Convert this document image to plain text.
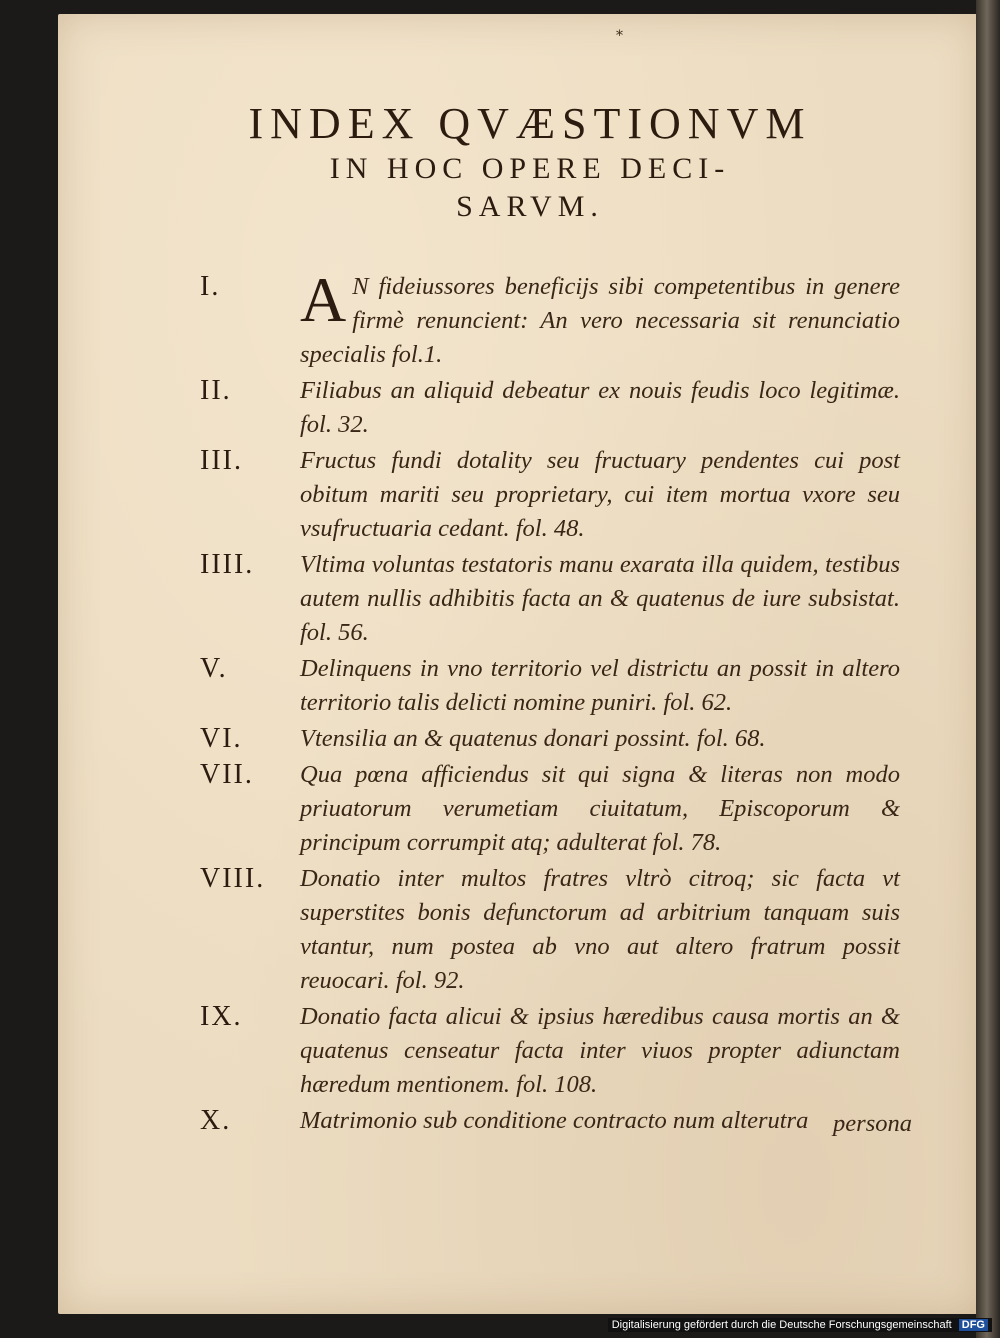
*
INDEX QVÆSTIONVM
IN HOC OPERE DECI-
SARVM.
I.	A N fideiussores beneficijs sibi competentibus in genere firmè renuncient: An vero necessaria sit renunciatio specialis fol.1.
II.	Filiabus an aliquid debeatur ex nouis feudis loco legitimæ. fol. 32.
III.	Fructus fundi dotality seu fructuary pendentes cui post obitum mariti seu proprietary, cui item mortua vxore seu vsufructuaria cedant. fol. 48.
IIII.	Vltima voluntas testatoris manu exarata illa quidem, testibus autem nullis adhibitis facta an & quatenus de iure subsistat. fol. 56.
V.	Delinquens in vno territorio vel districtu an possit in altero territorio talis delicti nomine puniri. fol. 62.
VI.	Vtensilia an & quatenus donari possint. fol. 68.
VII.	Qua pœna afficiendus sit qui signa & literas non modo priuatorum verumetiam ciuitatum, Episcoporum & principum corrumpit atq; adulterat fol. 78.
VIII.	Donatio inter multos fratres vltrò citroq; sic facta vt superstites bonis defunctorum ad arbitrium tanquam suis vtantur, num postea ab vno aut altero fratrum possit reuocari. fol. 92.
IX.	Donatio facta alicui & ipsius hæredibus causa mortis an & quatenus censeatur facta inter viuos propter adiunctam hæredum mentionem. fol. 108.
X.	Matrimonio sub conditione contracto num alterutra	persona
Digitalisierung gefördert durch die Deutsche Forschungsgemeinschaft DFG
